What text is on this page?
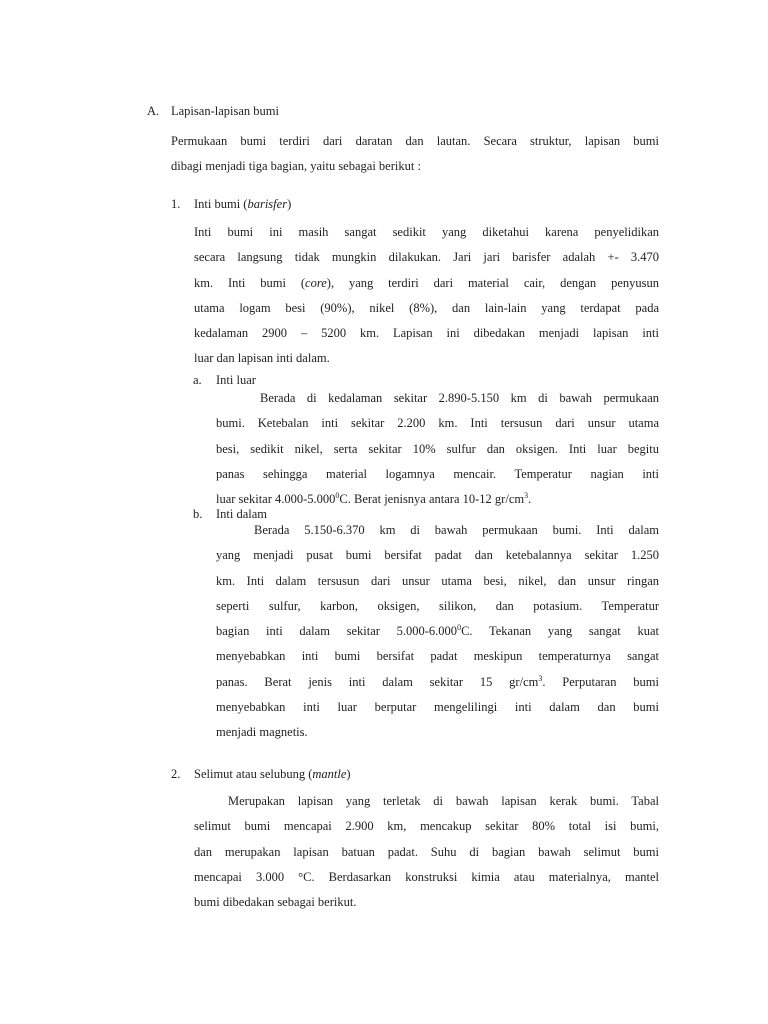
A. Lapisan-lapisan bumi
Permukaan bumi terdiri dari daratan dan lautan. Secara struktur, lapisan bumi
dibagi menjadi tiga bagian, yaitu sebagai berikut :
1. Inti bumi (barisfer)
Inti bumi ini masih sangat sedikit yang diketahui karena penyelidikan
secara langsung tidak mungkin dilakukan. Jari jari barisfer adalah +- 3.470
km. Inti bumi (core), yang terdiri dari material cair, dengan penyusun
utama logam besi (90%), nikel (8%), dan lain-lain yang terdapat pada
kedalaman 2900 – 5200 km. Lapisan ini dibedakan menjadi lapisan inti
luar dan lapisan inti dalam.
a. Inti luar
Berada di kedalaman sekitar 2.890-5.150 km di bawah permukaan
bumi. Ketebalan inti sekitar 2.200 km. Inti tersusun dari unsur utama
besi, sedikit nikel, serta sekitar 10% sulfur dan oksigen. Inti luar begitu
panas sehingga material logamnya mencair. Temperatur nagian inti
luar sekitar 4.000-5.000$^0$C. Berat jenisnya antara 10-12 $gr/cm^3$.
b. Inti dalam
Berada 5.150-6.370 km di bawah permukaan bumi. Inti dalam
yang menjadi pusat bumi bersifat padat dan ketebalannya sekitar 1.250
km. Inti dalam tersusun dari unsur utama besi, nikel, dan unsur ringan
seperti sulfur, karbon, oksigen, silikon, dan potasium. Temperatur
bagian inti dalam sekitar 5.000-6.000$^0$C. Tekanan yang sangat kuat
menyebabkan inti bumi bersifat padat meskipun temperaturnya sangat
panas. Berat jenis inti dalam sekitar 15 $gr/cm^3$. Perputaran bumi
menyebabkan inti luar berputar mengelilingi inti dalam dan bumi
menjadi magnetis.
2. Selimut atau selubung (mantle)
Merupakan lapisan yang terletak di bawah lapisan kerak bumi. Tabal
selimut bumi mencapai 2.900 km, mencakup sekitar 80% total isi bumi,
dan merupakan lapisan batuan padat. Suhu di bagian bawah selimut bumi
mencapai 3.000 °C. Berdasarkan konstruksi kimia atau materialnya, mantel
bumi dibedakan sebagai berikut.
